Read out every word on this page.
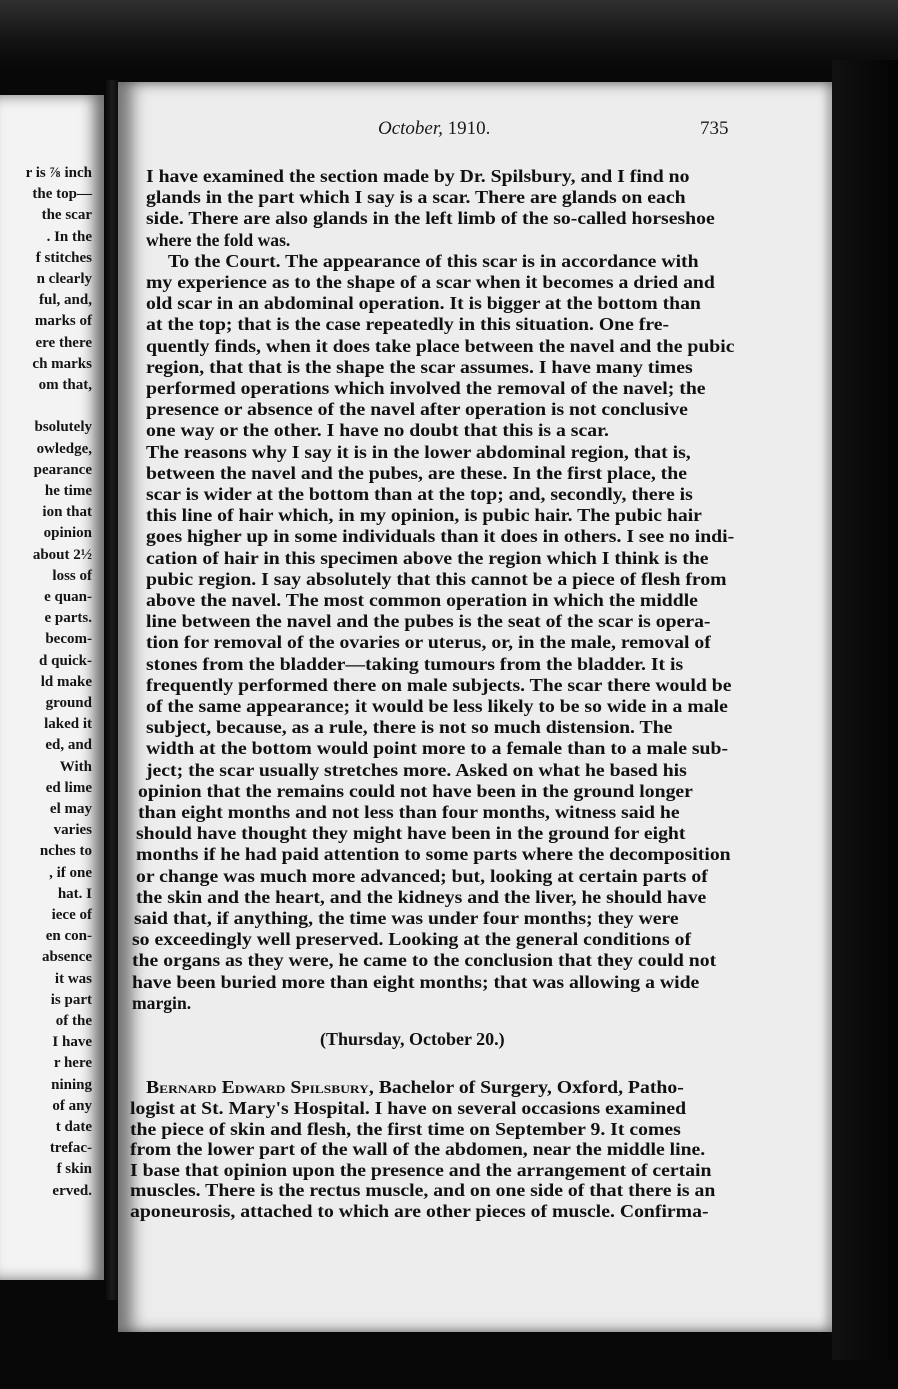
r is ⅞ inch
the top—
the scar
. In the
f stitches
n clearly
ful, and,
marks of
ere there
ch marks
om that,
bsolutely
owledge,
pearance
he time
ion that
opinion
about 2½
loss of
e quan-
e parts.
becom-
d quick-
ld make
ground
laked it
ed, and
With
ed lime
el may
varies
nches to
, if one
hat. I
iece of
en con-
absence
it was
is part
of the
I have
r here
nining
of any
t date
trefac-
f skin
erved.
October, 1910.	735
I have examined the section made by Dr. Spilsbury, and I find no
glands in the part which I say is a scar. There are glands on each
side. There are also glands in the left limb of the so-called horseshoe
where the fold was.
To the Court. The appearance of this scar is in accordance with
my experience as to the shape of a scar when it becomes a dried and
old scar in an abdominal operation. It is bigger at the bottom than
at the top; that is the case repeatedly in this situation. One fre-
quently finds, when it does take place between the navel and the pubic
region, that that is the shape the scar assumes. I have many times
performed operations which involved the removal of the navel; the
presence or absence of the navel after operation is not conclusive
one way or the other. I have no doubt that this is a scar.
The reasons why I say it is in the lower abdominal region, that is,
between the navel and the pubes, are these. In the first place, the
scar is wider at the bottom than at the top; and, secondly, there is
this line of hair which, in my opinion, is pubic hair. The pubic hair
goes higher up in some individuals than it does in others. I see no indi-
cation of hair in this specimen above the region which I think is the
pubic region. I say absolutely that this cannot be a piece of flesh from
above the navel. The most common operation in which the middle
line between the navel and the pubes is the seat of the scar is opera-
tion for removal of the ovaries or uterus, or, in the male, removal of
stones from the bladder—taking tumours from the bladder. It is
frequently performed there on male subjects. The scar there would be
of the same appearance; it would be less likely to be so wide in a male
subject, because, as a rule, there is not so much distension. The
width at the bottom would point more to a female than to a male sub-
ject; the scar usually stretches more. Asked on what he based his
opinion that the remains could not have been in the ground longer
than eight months and not less than four months, witness said he
should have thought they might have been in the ground for eight
months if he had paid attention to some parts where the decomposition
or change was much more advanced; but, looking at certain parts of
the skin and the heart, and the kidneys and the liver, he should have
said that, if anything, the time was under four months; they were
so exceedingly well preserved. Looking at the general conditions of
the organs as they were, he came to the conclusion that they could not
have been buried more than eight months; that was allowing a wide
margin.
(Thursday, October 20.)
Bernard Edward Spilsbury, Bachelor of Surgery, Oxford, Patho-
logist at St. Mary's Hospital. I have on several occasions examined
the piece of skin and flesh, the first time on September 9. It comes
from the lower part of the wall of the abdomen, near the middle line.
I base that opinion upon the presence and the arrangement of certain
muscles. There is the rectus muscle, and on one side of that there is an
aponeurosis, attached to which are other pieces of muscle. Confirma-
